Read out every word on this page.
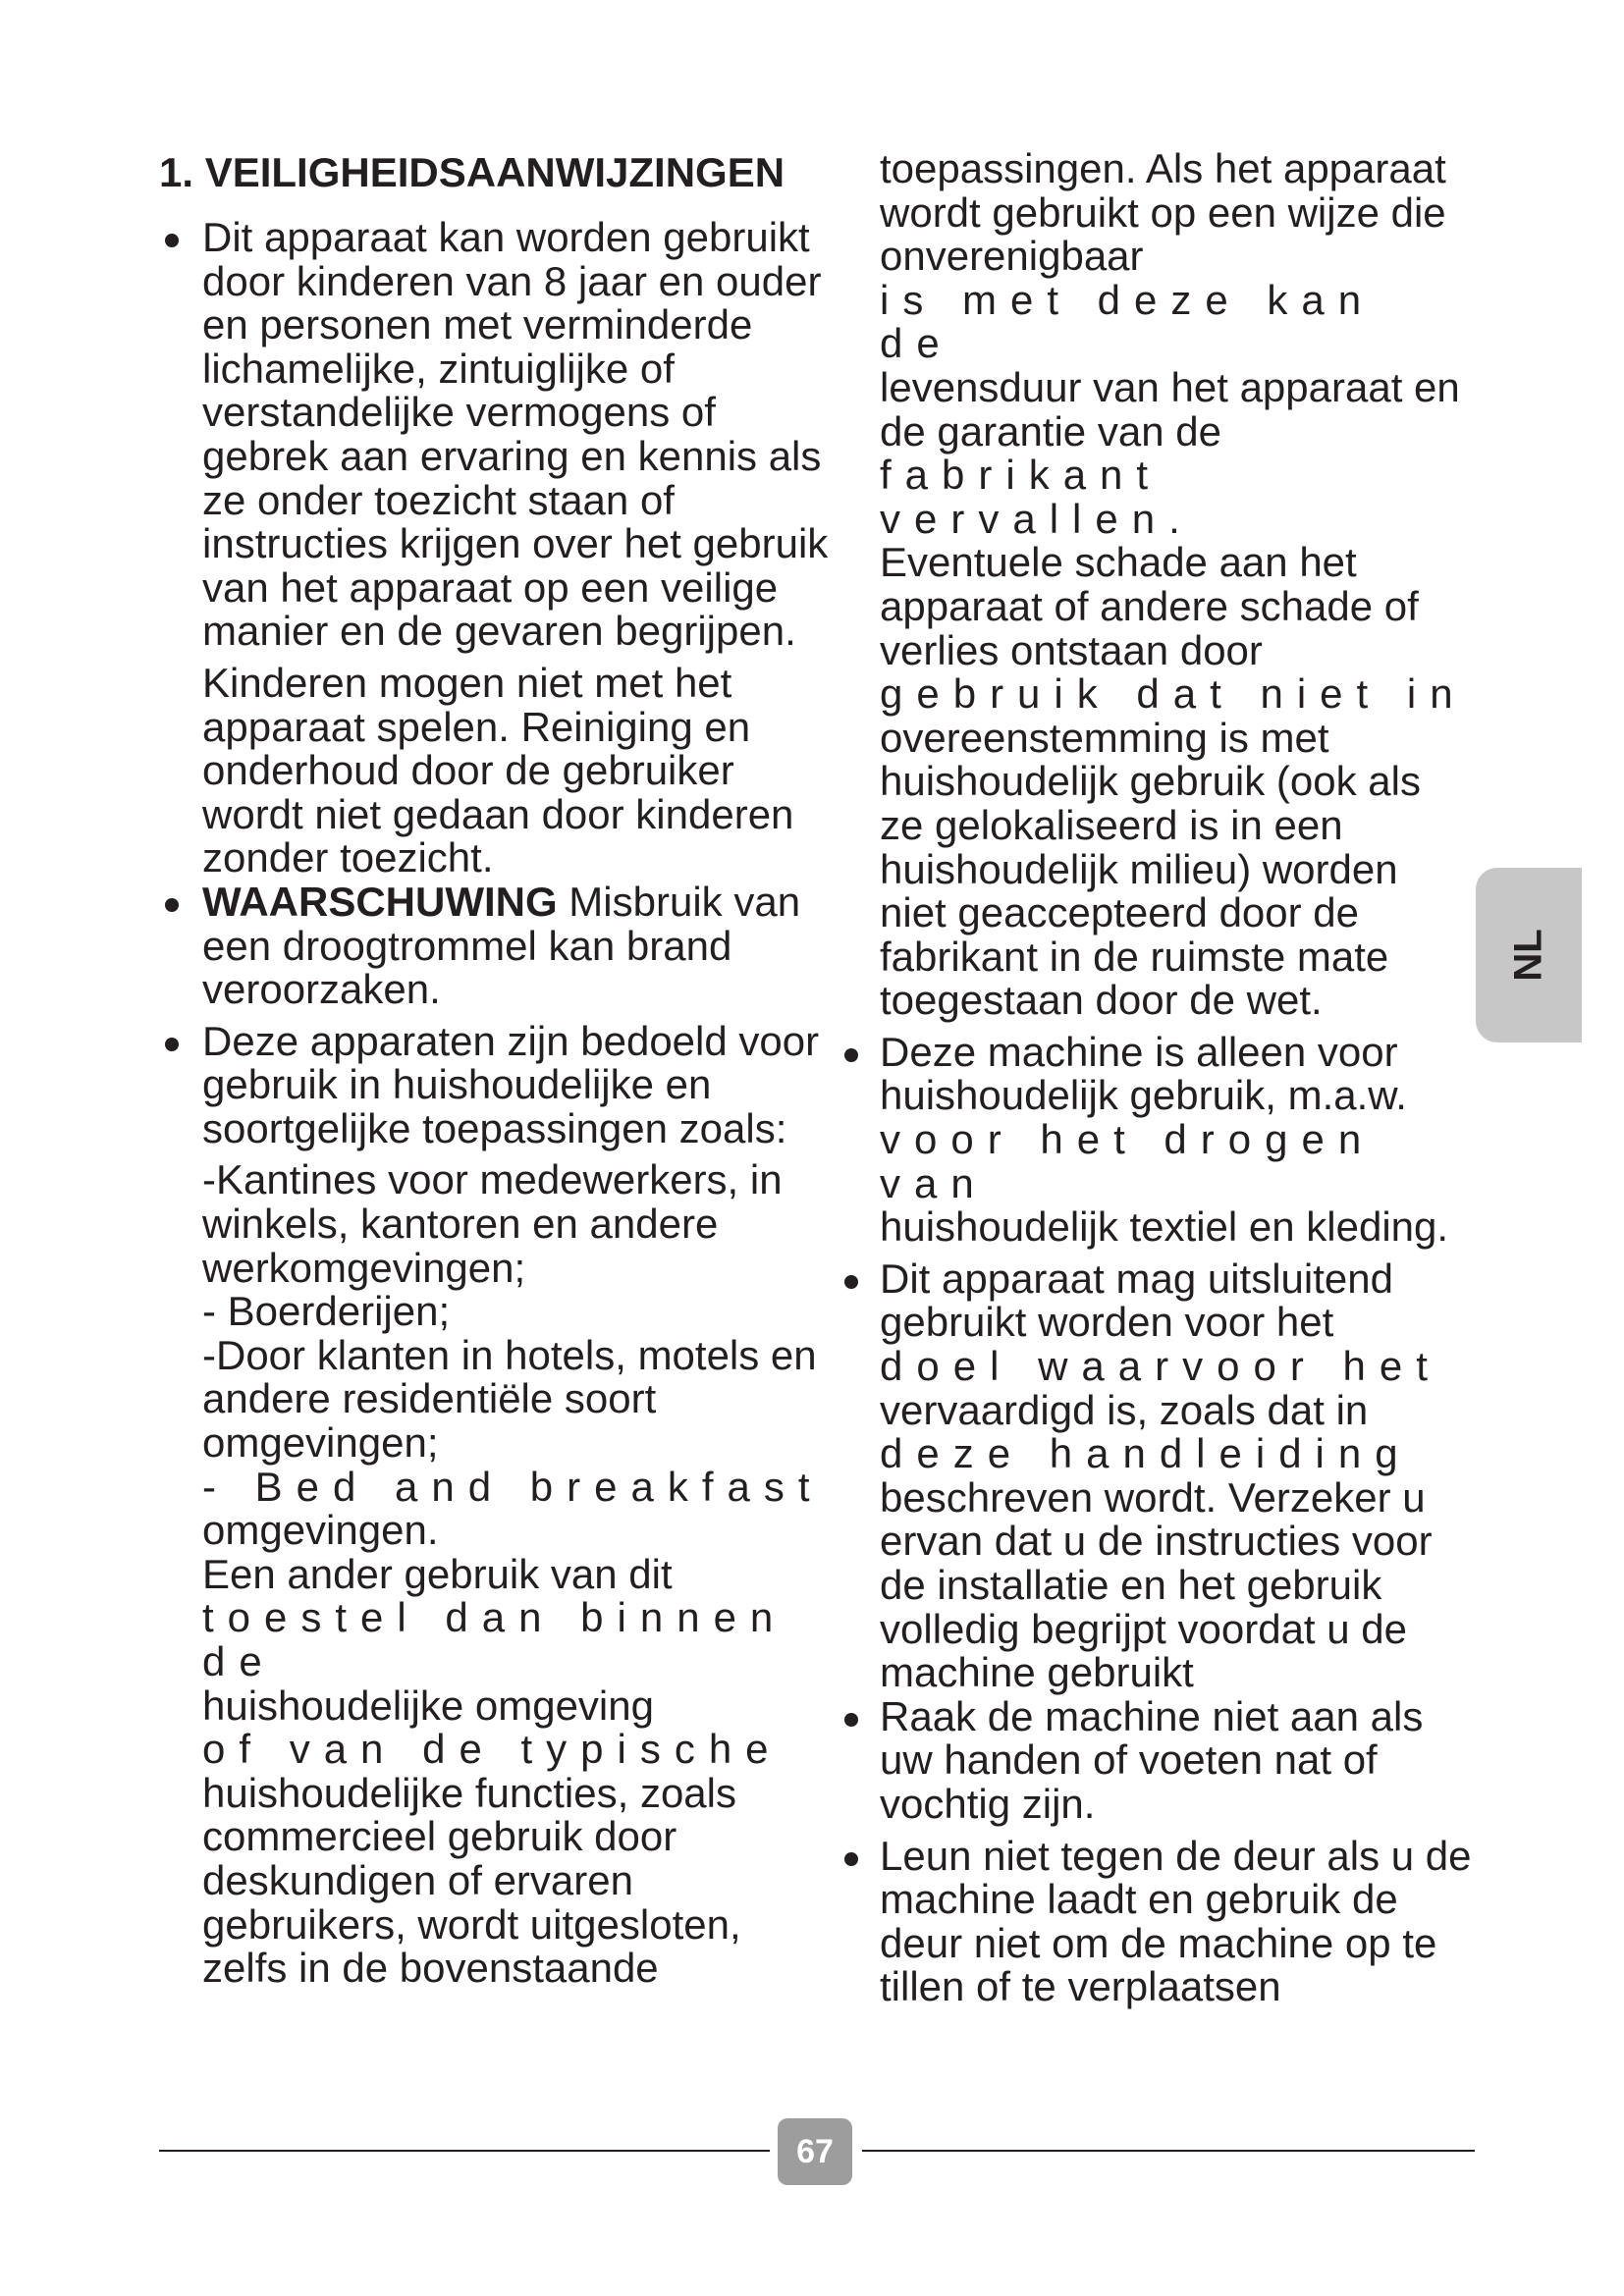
1. VEILIGHEIDSAANWIJZINGEN

Dit apparaat kan worden gebruikt door kinderen van 8 jaar en ouder en personen met verminderde lichamelijke, zintuiglijke of verstandelijke vermogens of gebrek aan ervaring en kennis als ze onder toezicht staan of instructies krijgen over het gebruik van het apparaat op een veilige manier en de gevaren begrijpen.

Kinderen mogen niet met het apparaat spelen. Reiniging en onderhoud door de gebruiker wordt niet gedaan door kinderen zonder toezicht.

WAARSCHUWING Misbruik van een droogtrommel kan brand veroorzaken.

Deze apparaten zijn bedoeld voor gebruik in huishoudelijke en soortgelijke toepassingen zoals:

-Kantines voor medewerkers, in winkels, kantoren en andere werkomgevingen;

- Boerderijen;

-Door klanten in hotels, motels en andere residentiële soort omgevingen;

- Bed and breakfast

omgevingen.

Een ander gebruik van dit

toestel dan binnen de

huishoudelijke omgeving

of van de typische

huishoudelijke functies, zoals commercieel gebruik door deskundigen of ervaren gebruikers, wordt uitgesloten, zelfs in de bovenstaande

toepassingen. Als het apparaat wordt gebruikt op een wijze die onverenigbaar

is met deze kan de

levensduur van het apparaat en de garantie van de

fabrikant vervallen.

Eventuele schade aan het apparaat of andere schade of verlies ontstaan door

gebruik dat niet in

overeenstemming is met huishoudelijk gebruik (ook als ze gelokaliseerd is in een huishoudelijk milieu) worden niet geaccepteerd door de fabrikant in de ruimste mate toegestaan door de wet.

Deze machine is alleen voor huishoudelijk gebruik, m.a.w.

voor het drogen van

huishoudelijk textiel en kleding.

Dit apparaat mag uitsluitend gebruikt worden voor het

doel waarvoor het

vervaardigd is, zoals dat in

deze handleiding

beschreven wordt. Verzeker u ervan dat u de instructies voor de installatie en het gebruik volledig begrijpt voordat u de machine gebruikt

Raak de machine niet aan als uw handen of voeten nat of vochtig zijn.

Leun niet tegen de deur als u de machine laadt en gebruik de deur niet om de machine op te tillen of te verplaatsen

NL
67
